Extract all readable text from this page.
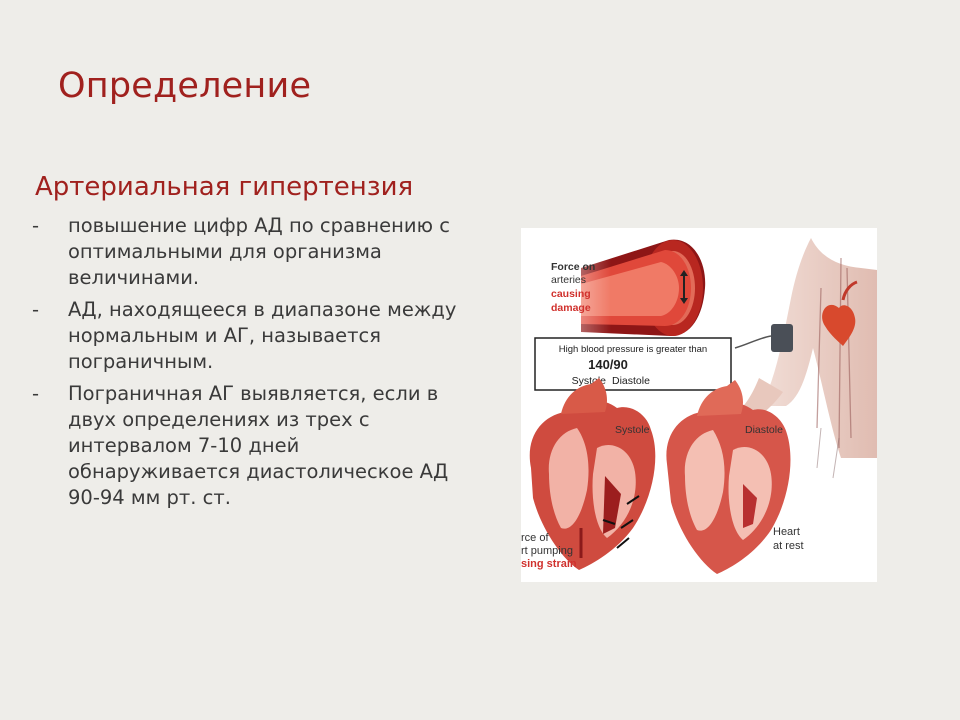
Определение
Артериальная гипертензия
- повышение цифр АД по сравнению с оптимальными для организма величинами.
- АД, находящееся в диапазоне между нормальным и АГ, называется пограничным.
- Пограничная АГ выявляется, если в двух определениях из трех с интервалом 7-10 дней обнаруживается диастолическое АД 90-94 мм рт. ст.
Force on
arteries
causing
damage
High blood pressure is greater than
140/90
Systole Diastole
Systole	Diastole
Heart
at rest
rce of
rt pumping
sing strain
